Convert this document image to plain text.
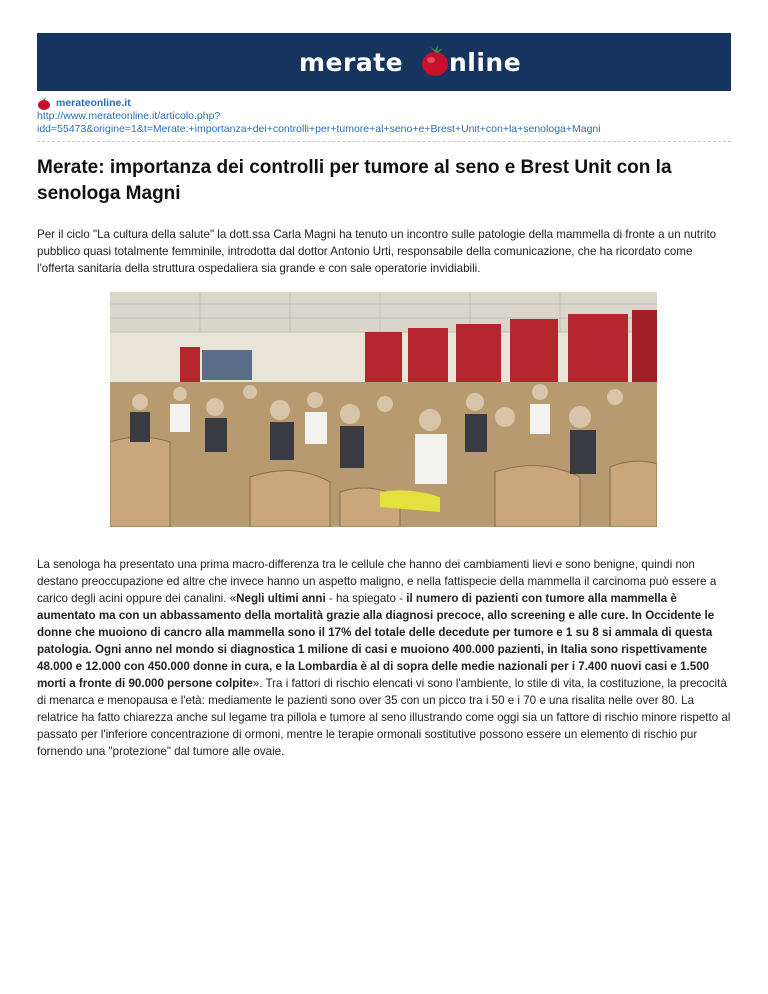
merate nline
merateonline.it
http://www.merateonline.it/articolo.php?
idd=55473&origine=1&t=Merate:+importanza+dei+controlli+per+tumore+al+seno+e+Brest+Unit+con+la+senologa+Magni
Merate: importanza dei controlli per tumore al seno e Brest Unit con la senologa Magni

Per il ciclo "La cultura della salute" la dott.ssa Carla Magni ha tenuto un incontro sulle patologie della mammella di fronte a un nutrito pubblico quasi totalmente femminile, introdotta dal dottor Antonio Urti, responsabile della comunicazione, che ha ricordato come l'offerta sanitaria della struttura ospedaliera sia grande e con sale operatorie invidiabili.

La senologa ha presentato una prima macro-differenza tra le cellule che hanno dei cambiamenti lievi e sono benigne, quindi non destano preoccupazione ed altre che invece hanno un aspetto maligno, e nella fattispecie della mammella il carcinoma può essere a carico degli acini oppure dei canalini. «Negli ultimi anni - ha spiegato - il numero di pazienti con tumore alla mammella è aumentato ma con un abbassamento della mortalità grazie alla diagnosi precoce, allo screening e alle cure. In Occidente le donne che muoiono di cancro alla mammella sono il 17% del totale delle decedute per tumore e 1 su 8 si ammala di questa patologia. Ogni anno nel mondo si diagnostica 1 milione di casi e muoiono 400.000 pazienti, in Italia sono rispettivamente 48.000 e 12.000 con 450.000 donne in cura, e la Lombardia è al di sopra delle medie nazionali per i 7.400 nuovi casi e 1.500 morti a fronte di 90.000 persone colpite». Tra i fattori di rischio elencati vi sono l'ambiente, lo stile di vita, la costituzione, la precocità di menarca e menopausa e l'età: mediamente le pazienti sono over 35 con un picco tra i 50 e i 70 e una risalita nelle over 80. La relatrice ha fatto chiarezza anche sul legame tra pillola e tumore al seno illustrando come oggi sia un fattore di rischio minore rispetto al passato per l'inferiore concentrazione di ormoni, mentre le terapie ormonali sostitutive possono essere un elemento di rischio pur fornendo una "protezione" dal tumore alle ovaie.
